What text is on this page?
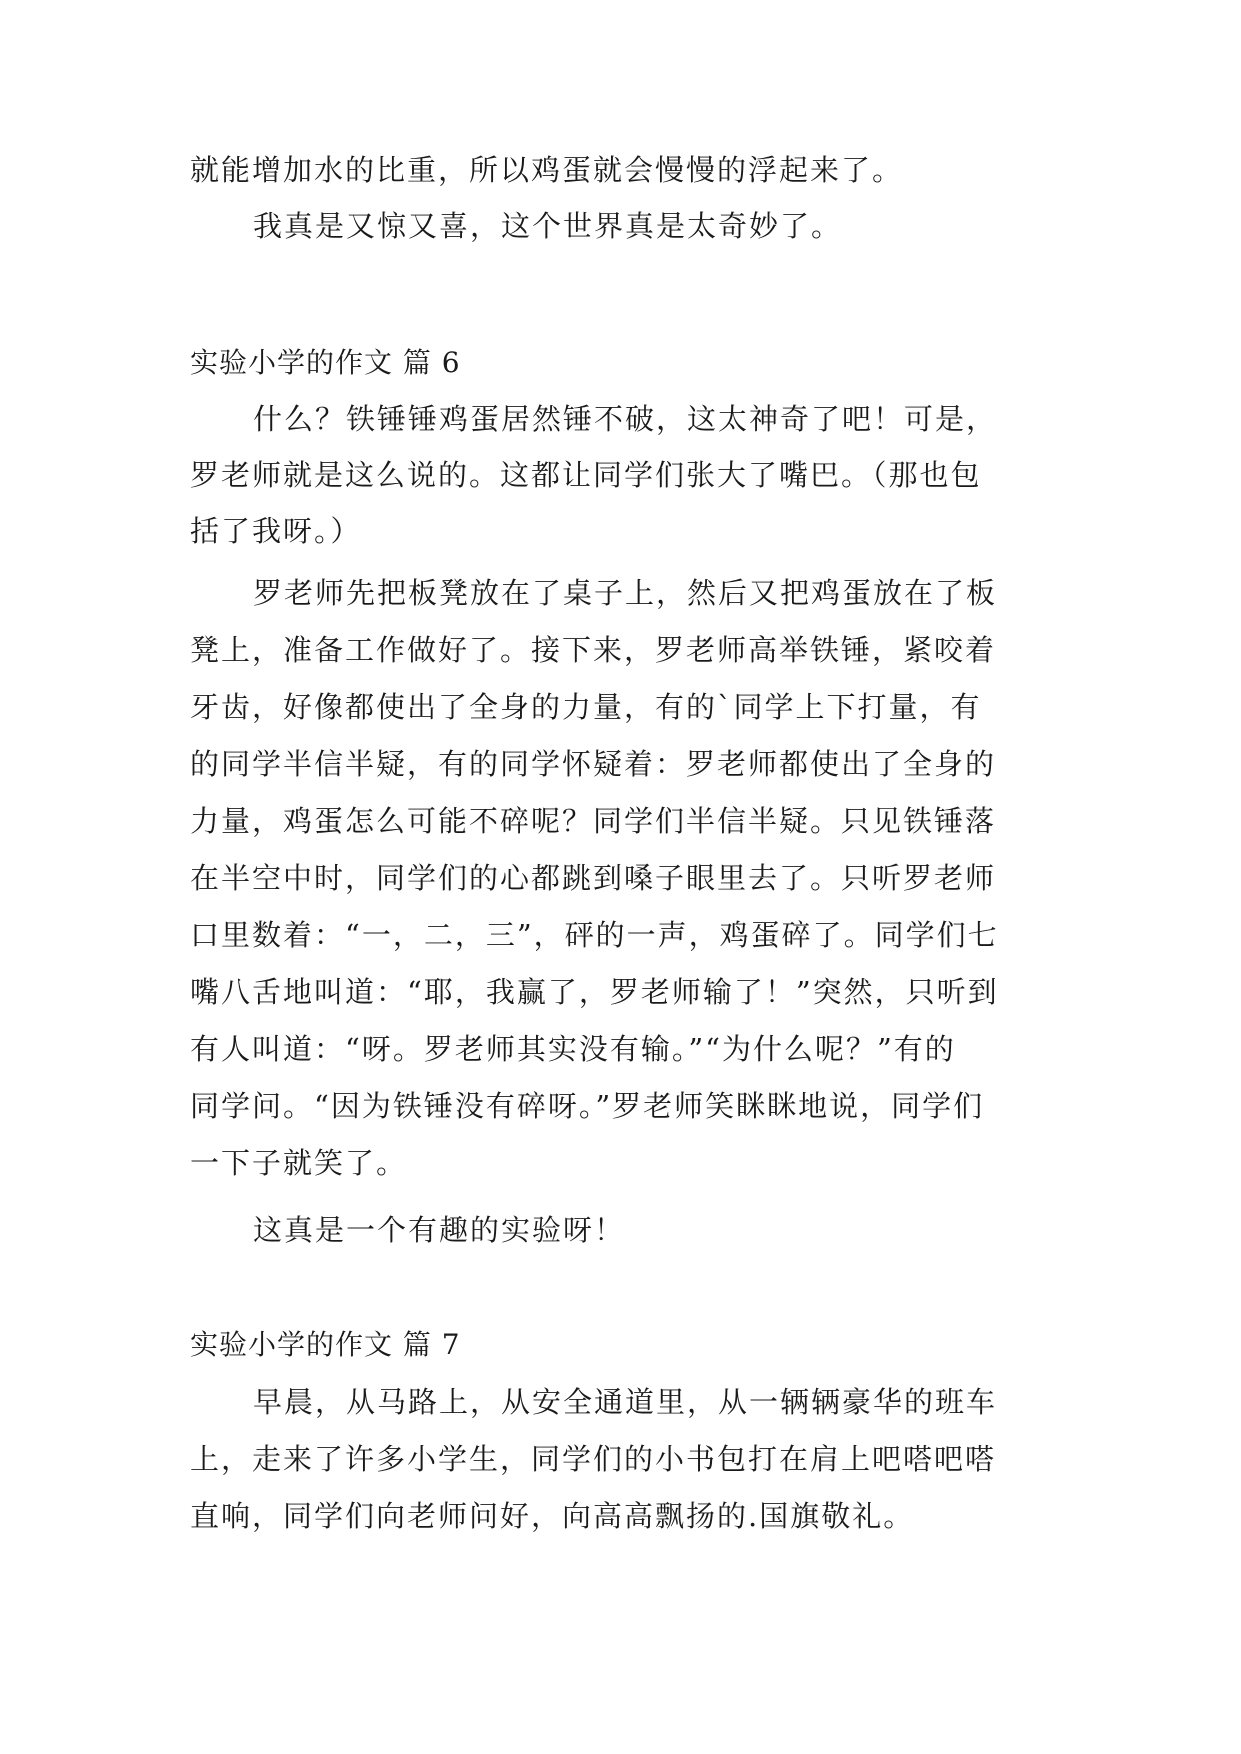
就能增加水的比重，所以鸡蛋就会慢慢的浮起来了。
我真是又惊又喜，这个世界真是太奇妙了。
实验小学的作文 篇 6
什么？铁锤锤鸡蛋居然锤不破，这太神奇了吧！可是，
罗老师就是这么说的。这都让同学们张大了嘴巴。（那也包
括了我呀。）
罗老师先把板凳放在了桌子上，然后又把鸡蛋放在了板
凳上，准备工作做好了。接下来，罗老师高举铁锤，紧咬着
牙齿，好像都使出了全身的力量，有的`同学上下打量，有
的同学半信半疑，有的同学怀疑着：罗老师都使出了全身的
力量，鸡蛋怎么可能不碎呢？同学们半信半疑。只见铁锤落
在半空中时，同学们的心都跳到嗓子眼里去了。只听罗老师
口里数着：“一，二，三”，砰的一声，鸡蛋碎了。同学们七
嘴八舌地叫道：“耶，我赢了，罗老师输了！”突然，只听到
有人叫道：“呀。罗老师其实没有输。”“为什么呢？”有的
同学问。“因为铁锤没有碎呀。”罗老师笑眯眯地说，同学们
一下子就笑了。
这真是一个有趣的实验呀！
实验小学的作文 篇 7
早晨，从马路上，从安全通道里，从一辆辆豪华的班车
上，走来了许多小学生，同学们的小书包打在肩上吧嗒吧嗒
直响，同学们向老师问好，向高高飘扬的.国旗敬礼。
